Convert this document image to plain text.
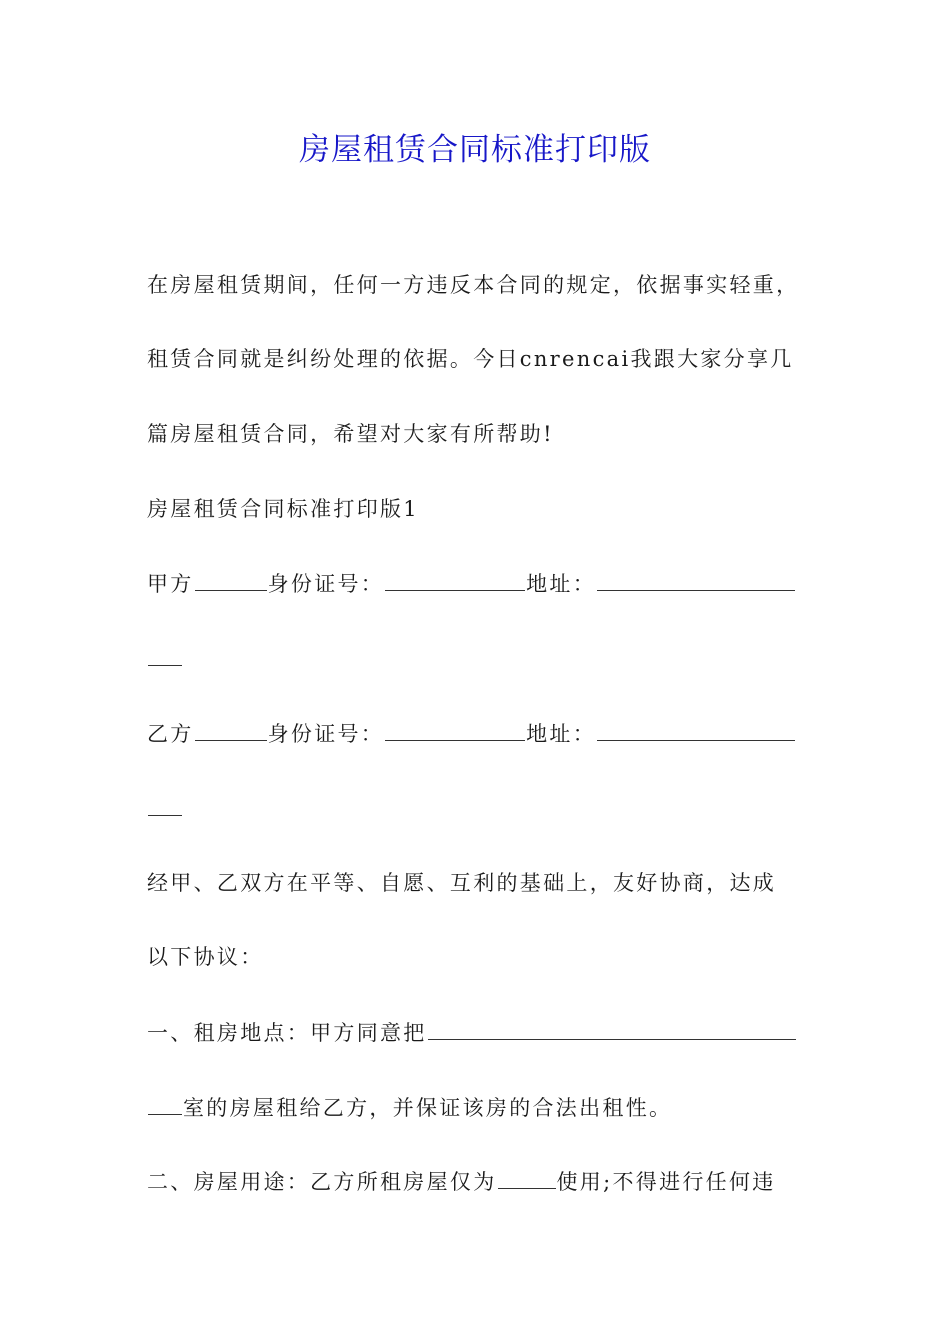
房屋租赁合同标准打印版
在房屋租赁期间，任何一方违反本合同的规定，依据事实轻重，
租赁合同就是纠纷处理的依据。今日cnrencai我跟大家分享几
篇房屋租赁合同，希望对大家有所帮助!
房屋租赁合同标准打印版1
甲方	身份证号：	地址：
乙方	身份证号：	地址：
经甲、乙双方在平等、自愿、互利的基础上，友好协商，达成
以下协议：
一、租房地点：甲方同意把
室的房屋租给乙方，并保证该房的合法出租性。
二、房屋用途：乙方所租房屋仅为	使用;不得进行任何违
